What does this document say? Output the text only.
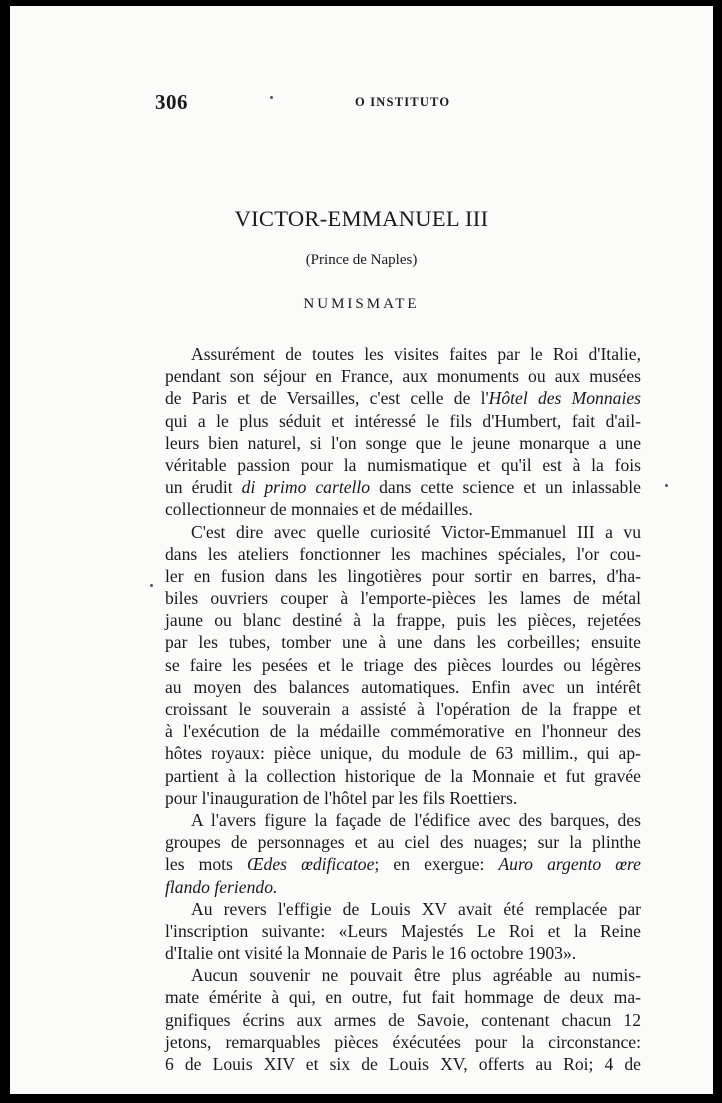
306	O INSTITUTO
VICTOR-EMMANUEL III
(Prince de Naples)
NUMISMATE
Assurément de toutes les visites faites par le Roi d'Italie,
pendant son séjour en France, aux monuments ou aux musées
de Paris et de Versailles, c'est celle de l'Hôtel des Monnaies
qui a le plus séduit et intéressé le fils d'Humbert, fait d'ail-
leurs bien naturel, si l'on songe que le jeune monarque a une
véritable passion pour la numismatique et qu'il est à la fois
un érudit di primo cartello dans cette science et un inlassable
collectionneur de monnaies et de médailles.
C'est dire avec quelle curiosité Victor-Emmanuel III a vu
dans les ateliers fonctionner les machines spéciales, l'or cou-
ler en fusion dans les lingotières pour sortir en barres, d'ha-
biles ouvriers couper à l'emporte-pièces les lames de métal
jaune ou blanc destiné à la frappe, puis les pièces, rejetées
par les tubes, tomber une à une dans les corbeilles; ensuite
se faire les pesées et le triage des pièces lourdes ou légères
au moyen des balances automatiques. Enfin avec un intérêt
croissant le souverain a assisté à l'opération de la frappe et
à l'exécution de la médaille commémorative en l'honneur des
hôtes royaux: pièce unique, du module de 63 millim., qui ap-
partient à la collection historique de la Monnaie et fut gravée
pour l'inauguration de l'hôtel par les fils Roettiers.
A l'avers figure la façade de l'édifice avec des barques, des
groupes de personnages et au ciel des nuages; sur la plinthe
les mots Œdes œdificatoe; en exergue: Auro argento œre
flando feriendo.
Au revers l'effigie de Louis XV avait été remplacée par
l'inscription suivante: «Leurs Majestés Le Roi et la Reine
d'Italie ont visité la Monnaie de Paris le 16 octobre 1903».
Aucun souvenir ne pouvait être plus agréable au numis-
mate émérite à qui, en outre, fut fait hommage de deux ma-
gnifiques écrins aux armes de Savoie, contenant chacun 12
jetons, remarquables pièces éxécutées pour la circonstance:
6 de Louis XIV et six de Louis XV, offerts au Roi; 4 de
